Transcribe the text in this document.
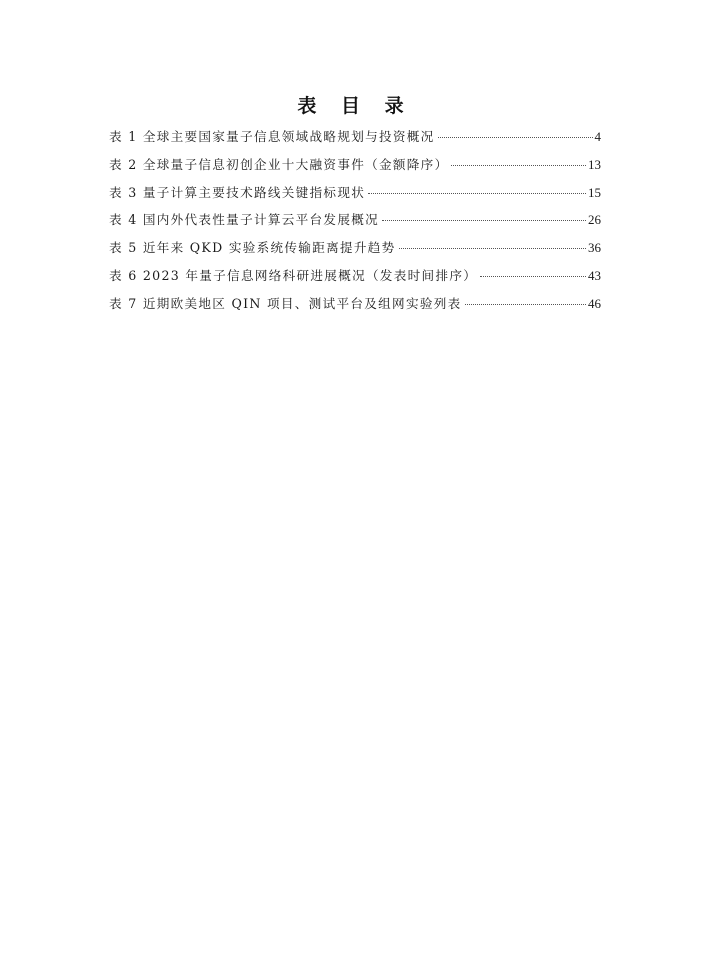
表 目 录
表 1 全球主要国家量子信息领域战略规划与投资概况	4
表 2 全球量子信息初创企业十大融资事件（金额降序）	13
表 3 量子计算主要技术路线关键指标现状	15
表 4 国内外代表性量子计算云平台发展概况	26
表 5 近年来 QKD 实验系统传输距离提升趋势	36
表 6 2023 年量子信息网络科研进展概况（发表时间排序）	43
表 7 近期欧美地区 QIN 项目、测试平台及组网实验列表	46
